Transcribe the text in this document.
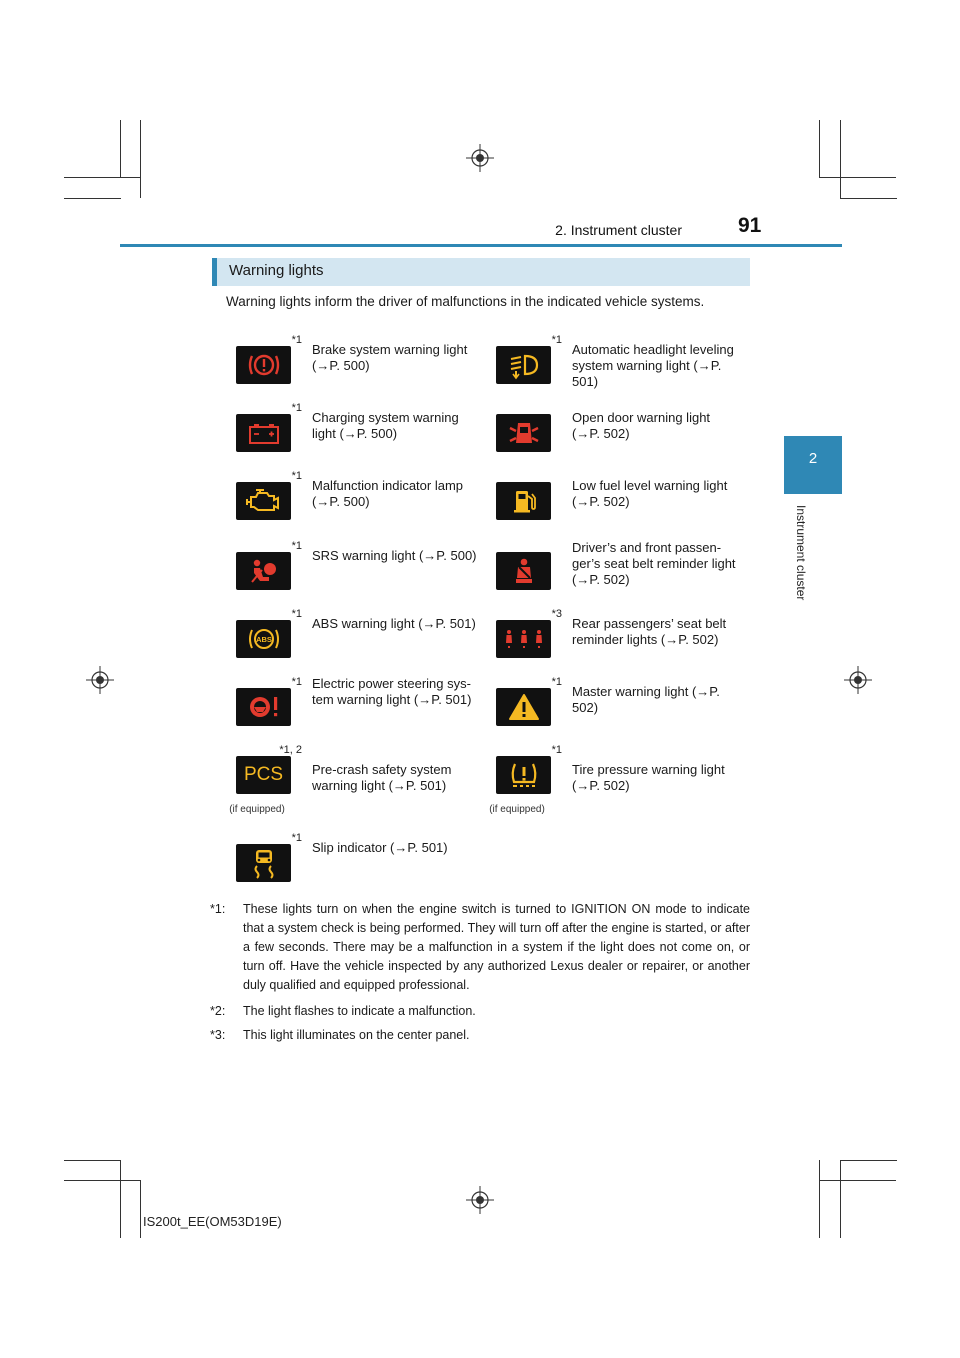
2. Instrument cluster	91
2
Instrument cluster
Warning lights
Warning lights inform the driver of malfunctions in the indicated vehicle systems.
*1
Brake system warning light (→P. 500)
*1
Automatic headlight leveling system warning light (→P. 501)
*1
Charging system warning light (→P. 500)
Open door warning light (→P. 502)
*1
Malfunction indicator lamp (→P. 500)
Low fuel level warning light (→P. 502)
*1
SRS warning light (→P. 500)
Driver’s and front passen-ger’s seat belt reminder light (→P. 502)
*1
ABS
ABS warning light (→P. 501)
*3
Rear passengers’ seat belt reminder lights (→P. 502)
*1 Electric power steering sys-tem warning light (→P. 501)
*1
Master warning light (→P. 502)
*1, 2
PCS
(if equipped)
Pre-crash safety system warning light (→P. 501)
*1
(if equipped)
Tire pressure warning light (→P. 502)
*1
Slip indicator (→P. 501)
*1: These lights turn on when the engine switch is turned to IGNITION ON mode to indicate that a system check is being performed. They will turn off after the engine is started, or after a few seconds. There may be a malfunction in a system if the light does not come on, or turn off. Have the vehicle inspected by any authorized Lexus dealer or repairer, or another duly qualified and equipped professional.
*2: The light flashes to indicate a malfunction.
*3: This light illuminates on the center panel.
IS200t_EE(OM53D19E)
